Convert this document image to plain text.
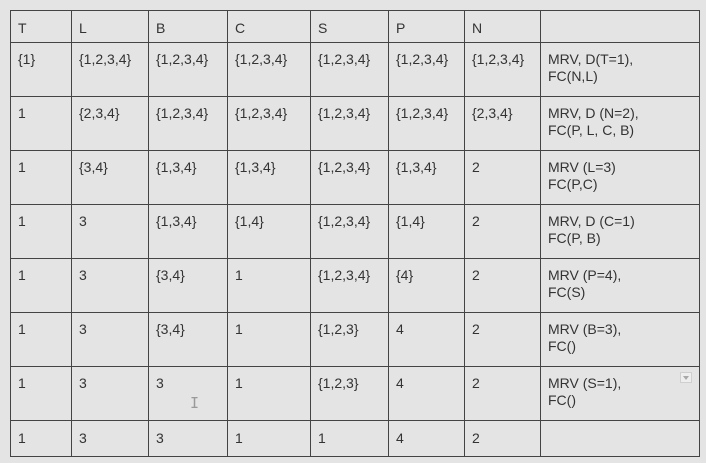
T	L	B	C	S	P	N	
{1}	{1,2,3,4}	{1,2,3,4}	{1,2,3,4}	{1,2,3,4}	{1,2,3,4}	{1,2,3,4}	MRV, D(T=1),
FC(N,L)
1	{2,3,4}	{1,2,3,4}	{1,2,3,4}	{1,2,3,4}	{1,2,3,4}	{2,3,4}	MRV, D (N=2),
FC(P, L, C, B)
1	{3,4}	{1,3,4}	{1,3,4}	{1,2,3,4}	{1,3,4}	2	MRV (L=3)
FC(P,C)
1	3	{1,3,4}	{1,4}	{1,2,3,4}	{1,4}	2	MRV, D (C=1)
FC(P, B)
1	3	{3,4}	1	{1,2,3,4}	{4}	2	MRV (P=4),
FC(S)
1	3	{3,4}	1	{1,2,3}	4	2	MRV (B=3),
FC()
1	3	3	1	{1,2,3}	4	2	MRV (S=1),
FC()
1	3	3	1	1	4	2	
I
